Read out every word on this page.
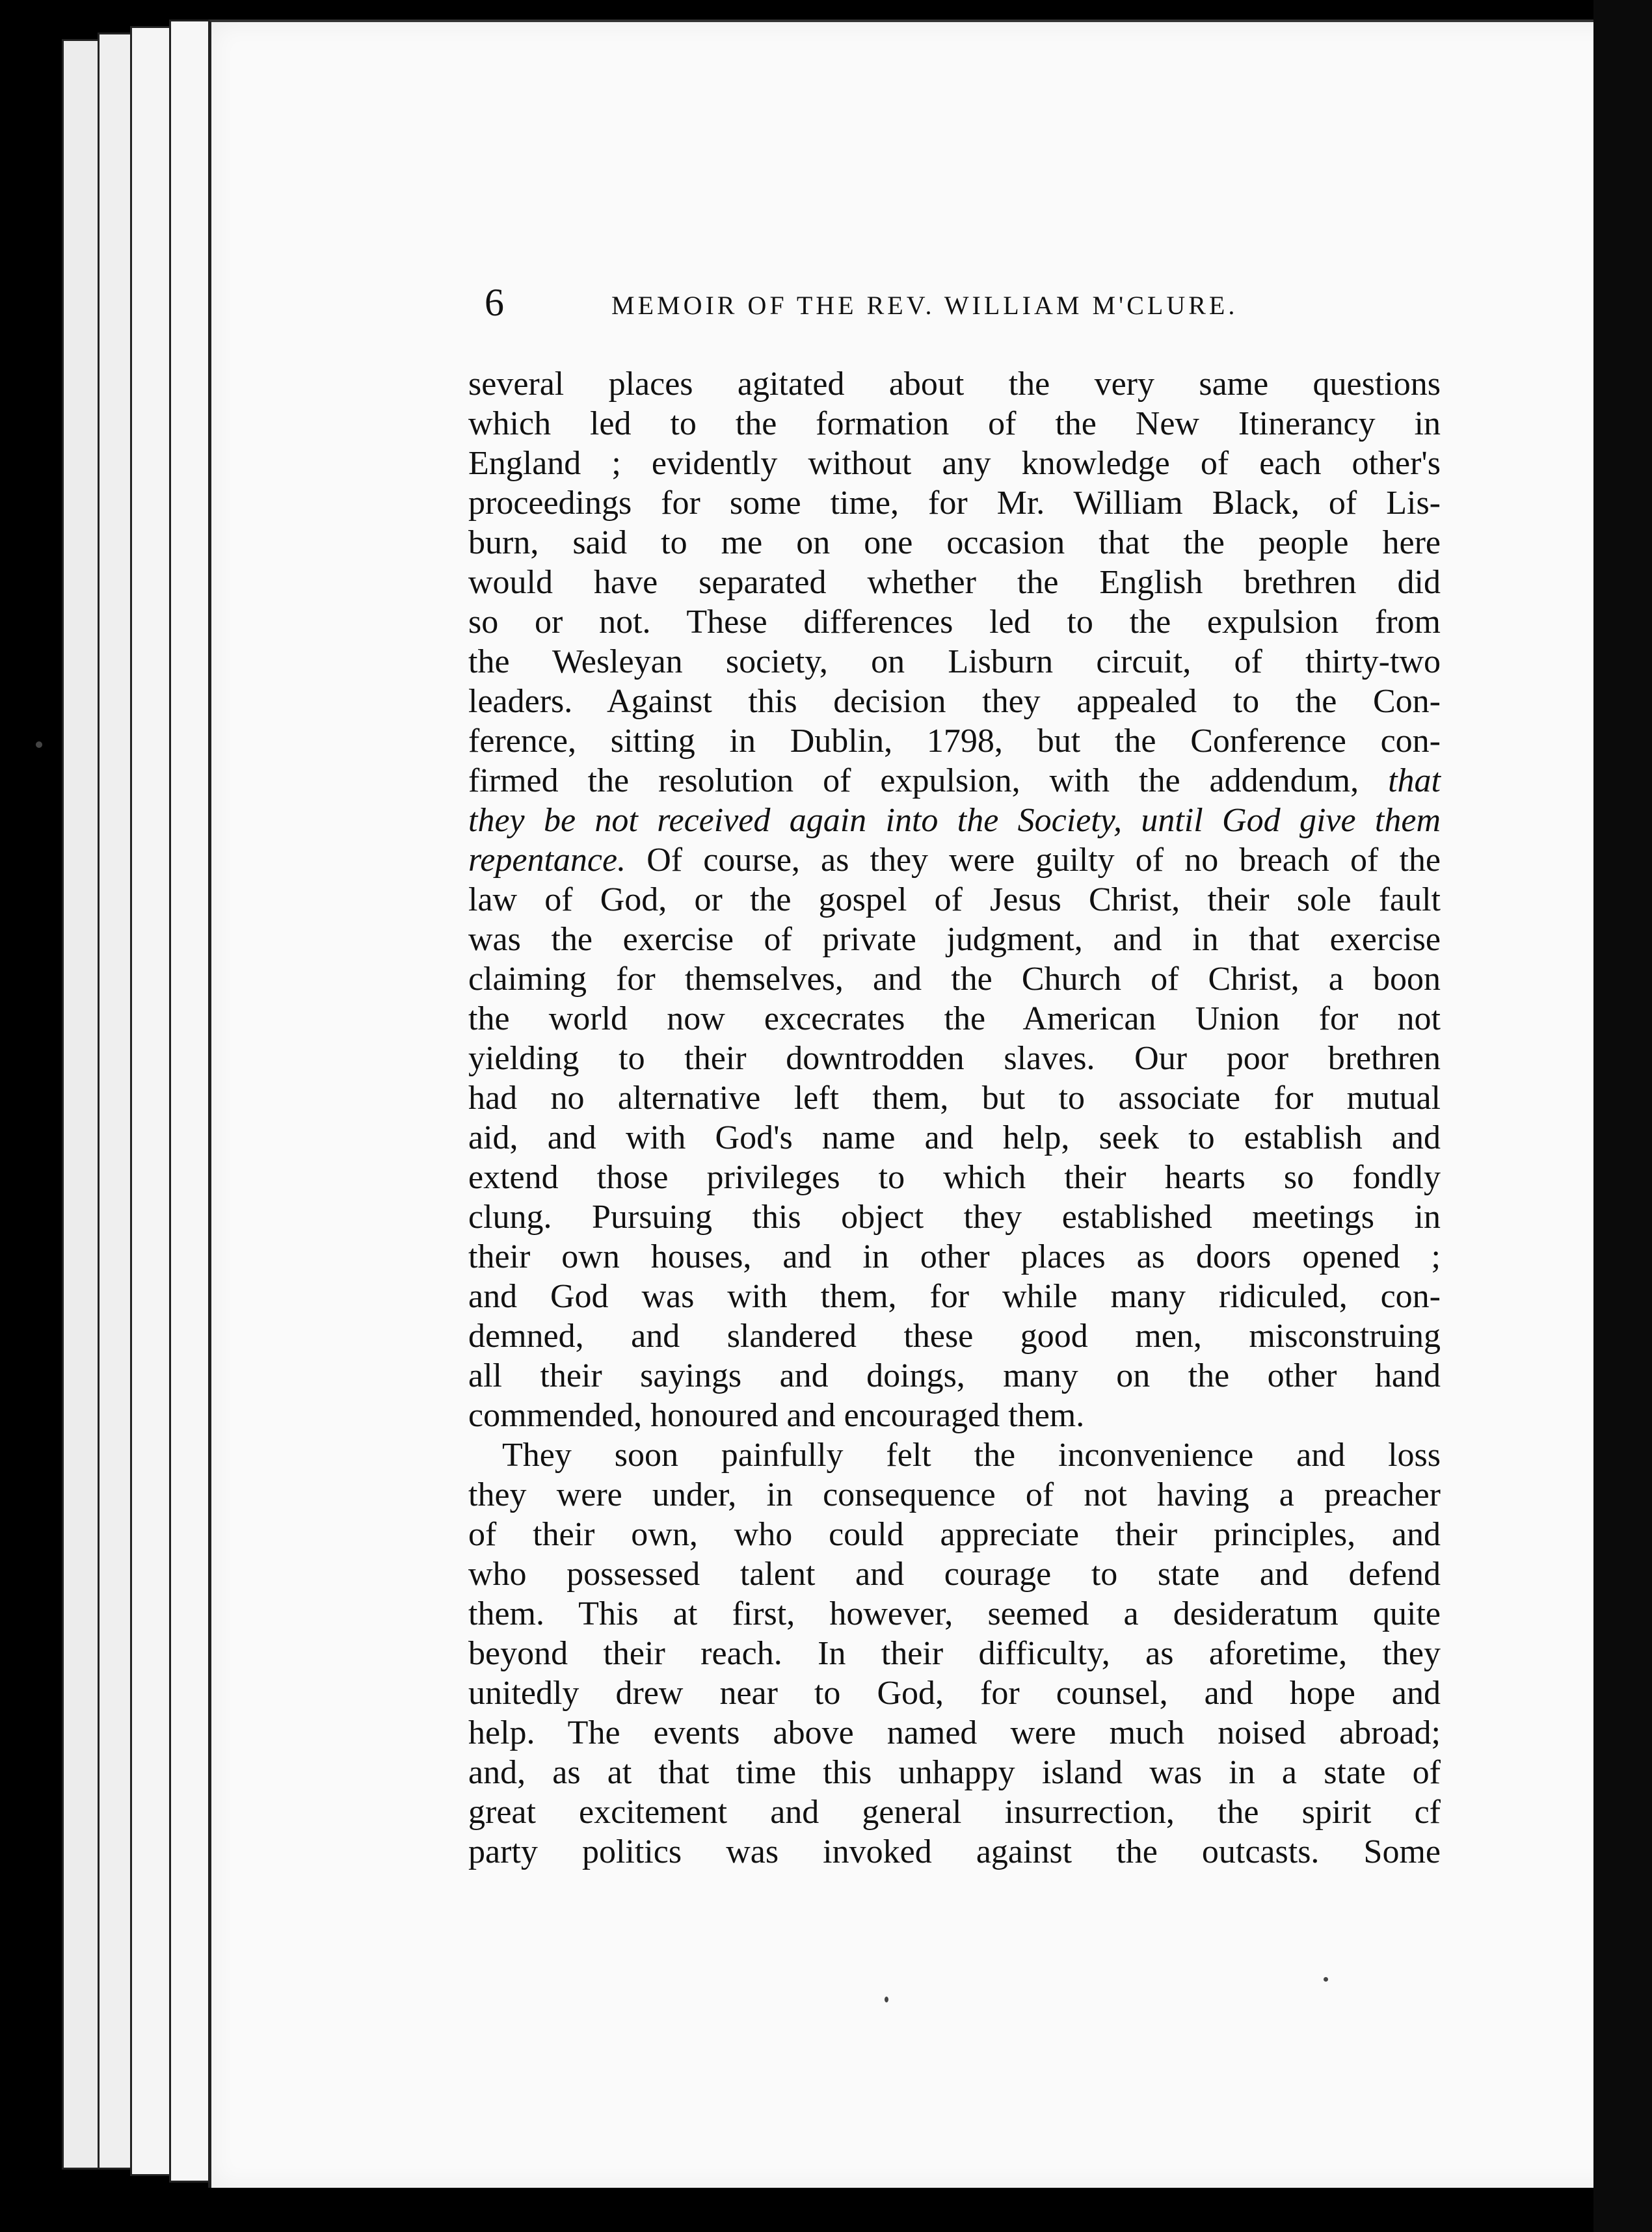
6	MEMOIR OF THE REV. WILLIAM M'CLURE.
several places agitated about the very same questions
which led to the formation of the New Itinerancy in
England ; evidently without any knowledge of each other's
proceedings for some time, for Mr. William Black, of Lis-
burn, said to me on one occasion that the people here
would have separated whether the English brethren did
so or not. These differences led to the expulsion from
the Wesleyan society, on Lisburn circuit, of thirty-two
leaders. Against this decision they appealed to the Con-
ference, sitting in Dublin, 1798, but the Conference con-
firmed the resolution of expulsion, with the addendum, that
they be not received again into the Society, until God give them
repentance. Of course, as they were guilty of no breach of the
law of God, or the gospel of Jesus Christ, their sole fault
was the exercise of private judgment, and in that exercise
claiming for themselves, and the Church of Christ, a boon
the world now excecrates the American Union for not
yielding to their downtrodden slaves. Our poor brethren
had no alternative left them, but to associate for mutual
aid, and with God's name and help, seek to establish and
extend those privileges to which their hearts so fondly
clung. Pursuing this object they established meetings in
their own houses, and in other places as doors opened ;
and God was with them, for while many ridiculed, con-
demned, and slandered these good men, misconstruing
all their sayings and doings, many on the other hand
commended, honoured and encouraged them.
They soon painfully felt the inconvenience and loss
they were under, in consequence of not having a preacher
of their own, who could appreciate their principles, and
who possessed talent and courage to state and defend
them. This at first, however, seemed a desideratum quite
beyond their reach. In their difficulty, as aforetime, they
unitedly drew near to God, for counsel, and hope and
help. The events above named were much noised abroad;
and, as at that time this unhappy island was in a state of
great excitement and general insurrection, the spirit cf
party politics was invoked against the outcasts. Some
